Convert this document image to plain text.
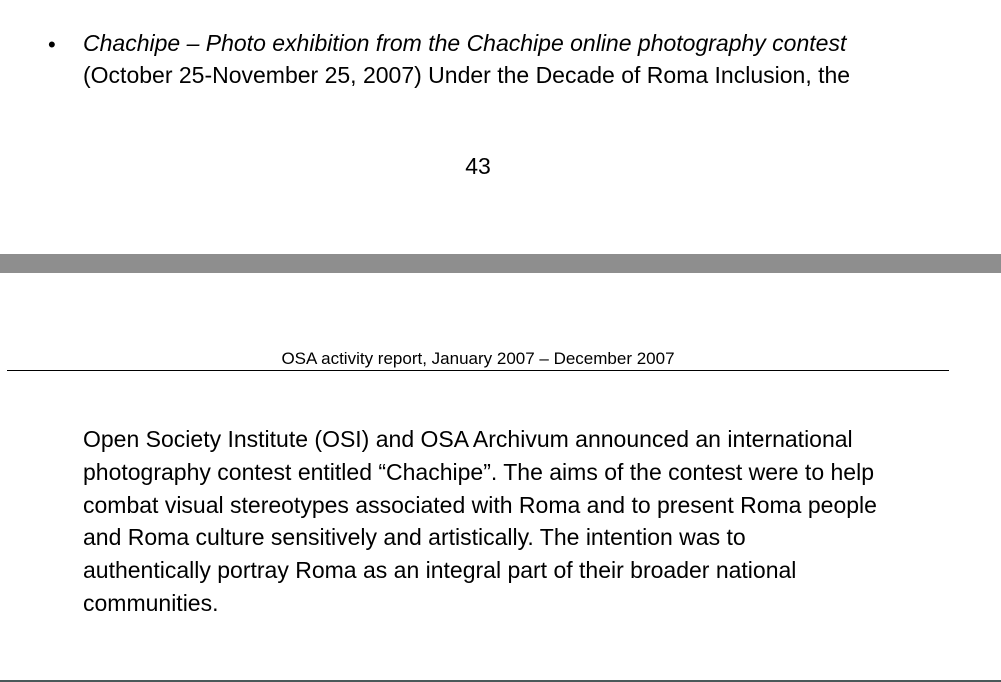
• Chachipe – Photo exhibition from the Chachipe online photography contest
(October 25-November 25, 2007) Under the Decade of Roma Inclusion, the
43
OSA activity report, January 2007 – December 2007
Open Society Institute (OSI) and OSA Archivum announced an international
photography contest entitled “Chachipe”. The aims of the contest were to help
combat visual stereotypes associated with Roma and to present Roma people
and Roma culture sensitively and artistically. The intention was to
authentically portray Roma as an integral part of their broader national
communities.
